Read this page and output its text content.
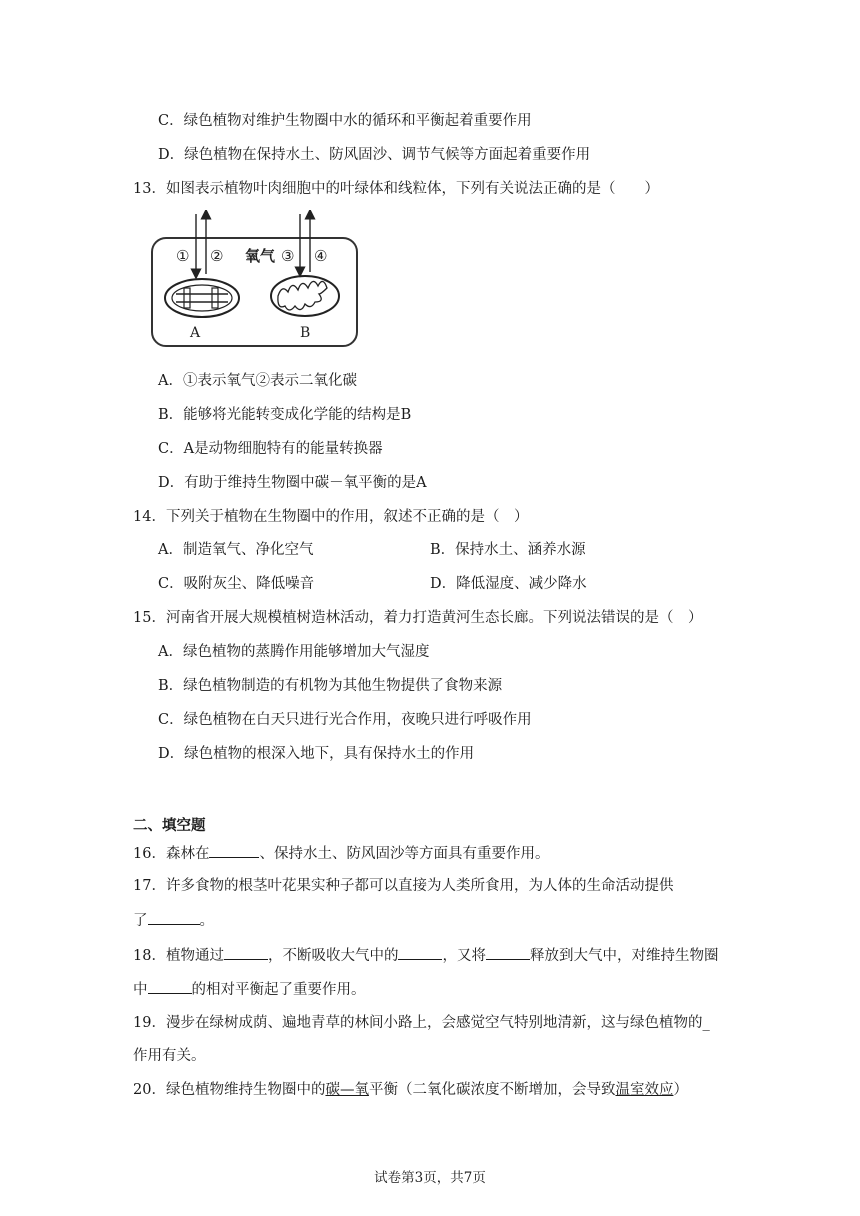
C．绿色植物对维护生物圈中水的循环和平衡起着重要作用
D．绿色植物在保持水土、防风固沙、调节气候等方面起着重要作用
13．如图表示植物叶肉细胞中的叶绿体和线粒体，下列有关说法正确的是（　　）
① ② 氧气 ③ ④
A	B
A．①表示氧气②表示二氧化碳
B．能够将光能转变成化学能的结构是B
C．A是动物细胞特有的能量转换器
D．有助于维持生物圈中碳－氧平衡的是A
14．下列关于植物在生物圈中的作用，叙述不正确的是（　）
A．制造氧气、净化空气	B．保持水土、涵养水源
C．吸附灰尘、降低噪音	D．降低湿度、减少降水
15．河南省开展大规模植树造林活动，着力打造黄河生态长廊。下列说法错误的是（　）
A．绿色植物的蒸腾作用能够增加大气湿度
B．绿色植物制造的有机物为其他生物提供了食物来源
C．绿色植物在白天只进行光合作用，夜晚只进行呼吸作用
D．绿色植物的根深入地下，具有保持水土的作用
二、填空题
16．森林在	、保持水土、防风固沙等方面具有重要作用。
17．许多食物的根茎叶花果实种子都可以直接为人类所食用，为人体的生命活动提供
了	。
18．植物通过	，不断吸收大气中的	，又将	释放到大气中，对维持生物圈
中	的相对平衡起了重要作用。
19．漫步在绿树成荫、遍地青草的林间小路上，会感觉空气特别地清新，这与绿色植物的_
作用有关。
20．绿色植物维持生物圈中的碳—氧平衡（二氧化碳浓度不断增加，会导致温室效应）
试卷第3页，共7页
